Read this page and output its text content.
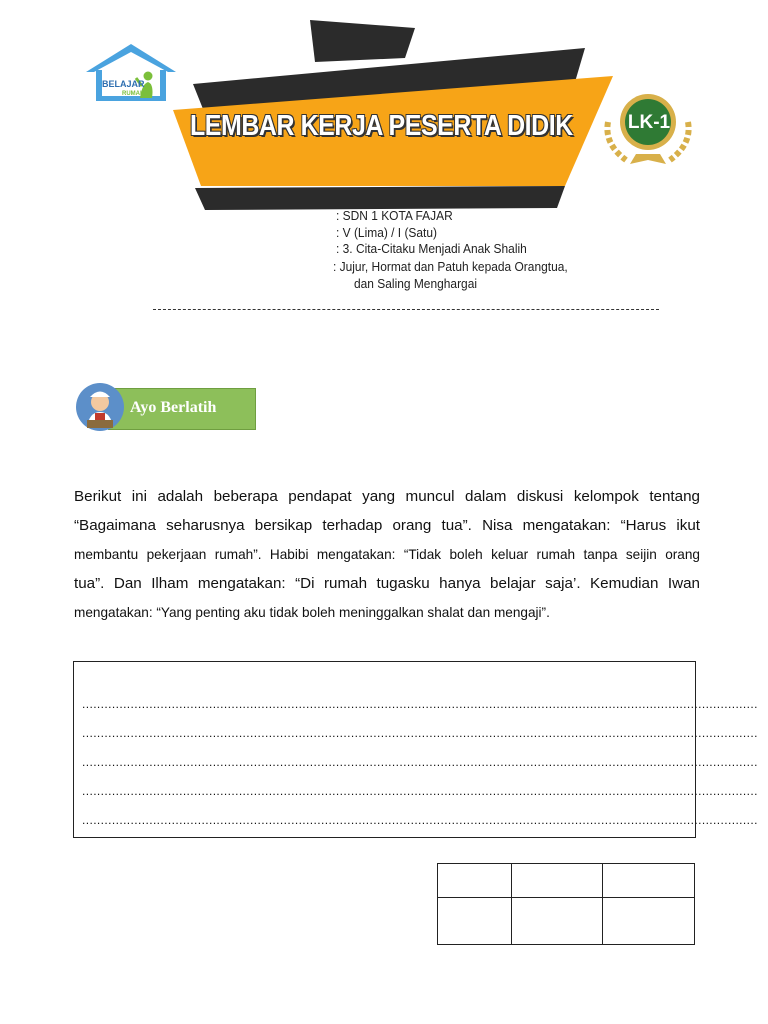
BELAJAR
RUMAH
LEMBAR KERJA PESERTA DIDIK	LK-1
: SDN 1 KOTA FAJAR
: V (Lima) / I (Satu)
: 3. Cita-Citaku Menjadi Anak Shalih
: Jujur, Hormat dan Patuh kepada Orangtua,
dan Saling Menghargai
Ayo Berlatih
Berikut ini adalah beberapa pendapat yang muncul dalam diskusi kelompok tentang
“Bagaimana seharusnya bersikap terhadap orang tua”. Nisa mengatakan: “Harus ikut
membantu pekerjaan rumah”. Habibi mengatakan: “Tidak boleh keluar rumah tanpa seijin orang
tua”. Dan Ilham mengatakan: “Di rumah tugasku hanya belajar saja’. Kemudian Iwan
mengatakan: “Yang penting aku tidak boleh meninggalkan shalat dan mengaji”.
.....................................................................................................................................................................................
.....................................................................................................................................................................................
.....................................................................................................................................................................................
.....................................................................................................................................................................................
.....................................................................................................................................................................................
